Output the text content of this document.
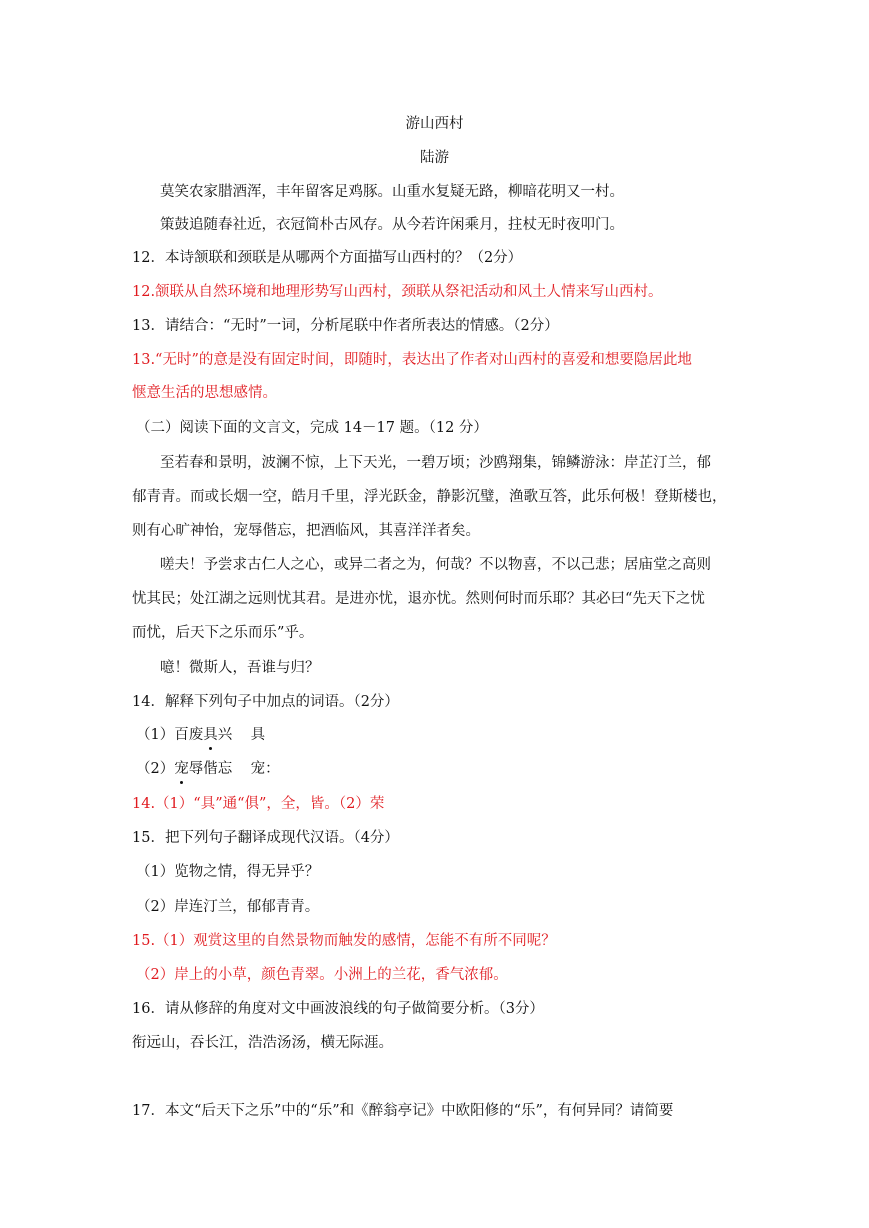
游山西村
陆游
莫笑农家腊酒浑，丰年留客足鸡豚。山重水复疑无路，柳暗花明又一村。
策鼓追随春社近，衣冠简朴古风存。从今若许闲乘月，拄杖无时夜叩门。
12．本诗颔联和颈联是从哪两个方面描写山西村的？（2分）
12.颔联从自然环境和地理形势写山西村，颈联从祭祀活动和风土人情来写山西村。
13．请结合：“无时”一词，分析尾联中作者所表达的情感。（2分）
13.“无时”的意是没有固定时间，即随时，表达出了作者对山西村的喜爱和想要隐居此地
惬意生活的思想感情。
（二）阅读下面的文言文，完成 14－17 题。（12 分）
至若春和景明，波澜不惊，上下天光，一碧万顷；沙鸥翔集，锦鳞游泳：岸芷汀兰，郁
郁青青。而或长烟一空，皓月千里，浮光跃金，静影沉璧，渔歌互答，此乐何极！登斯楼也，
则有心旷神怡，宠辱偕忘，把酒临风，其喜洋洋者矣。
嗟夫！予尝求古仁人之心，或异二者之为，何哉？不以物喜，不以己悲；居庙堂之高则
忧其民；处江湖之远则忧其君。是进亦忧，退亦忧。然则何时而乐耶？其必曰“先天下之忧
而忧，后天下之乐而乐”乎。
噫！微斯人，吾谁与归？
14．解释下列句子中加点的词语。（2分）
（1）百废具兴    具
（2）宠辱偕忘    宠：
14.（1）“具”通“俱”，全，皆。（2）荣
15．把下列句子翻译成现代汉语。（4分）
（1）览物之情，得无异乎？
（2）岸连汀兰，郁郁青青。
15.（1）观赏这里的自然景物而触发的感情，怎能不有所不同呢？
（2）岸上的小草，颜色青翠。小洲上的兰花，香气浓郁。
16．请从修辞的角度对文中画波浪线的句子做简要分析。（3分）
衔远山，吞长江，浩浩汤汤，横无际涯。
17．本文“后天下之乐”中的“乐”和《醉翁亭记》中欧阳修的“乐”，有何异同？请简要
